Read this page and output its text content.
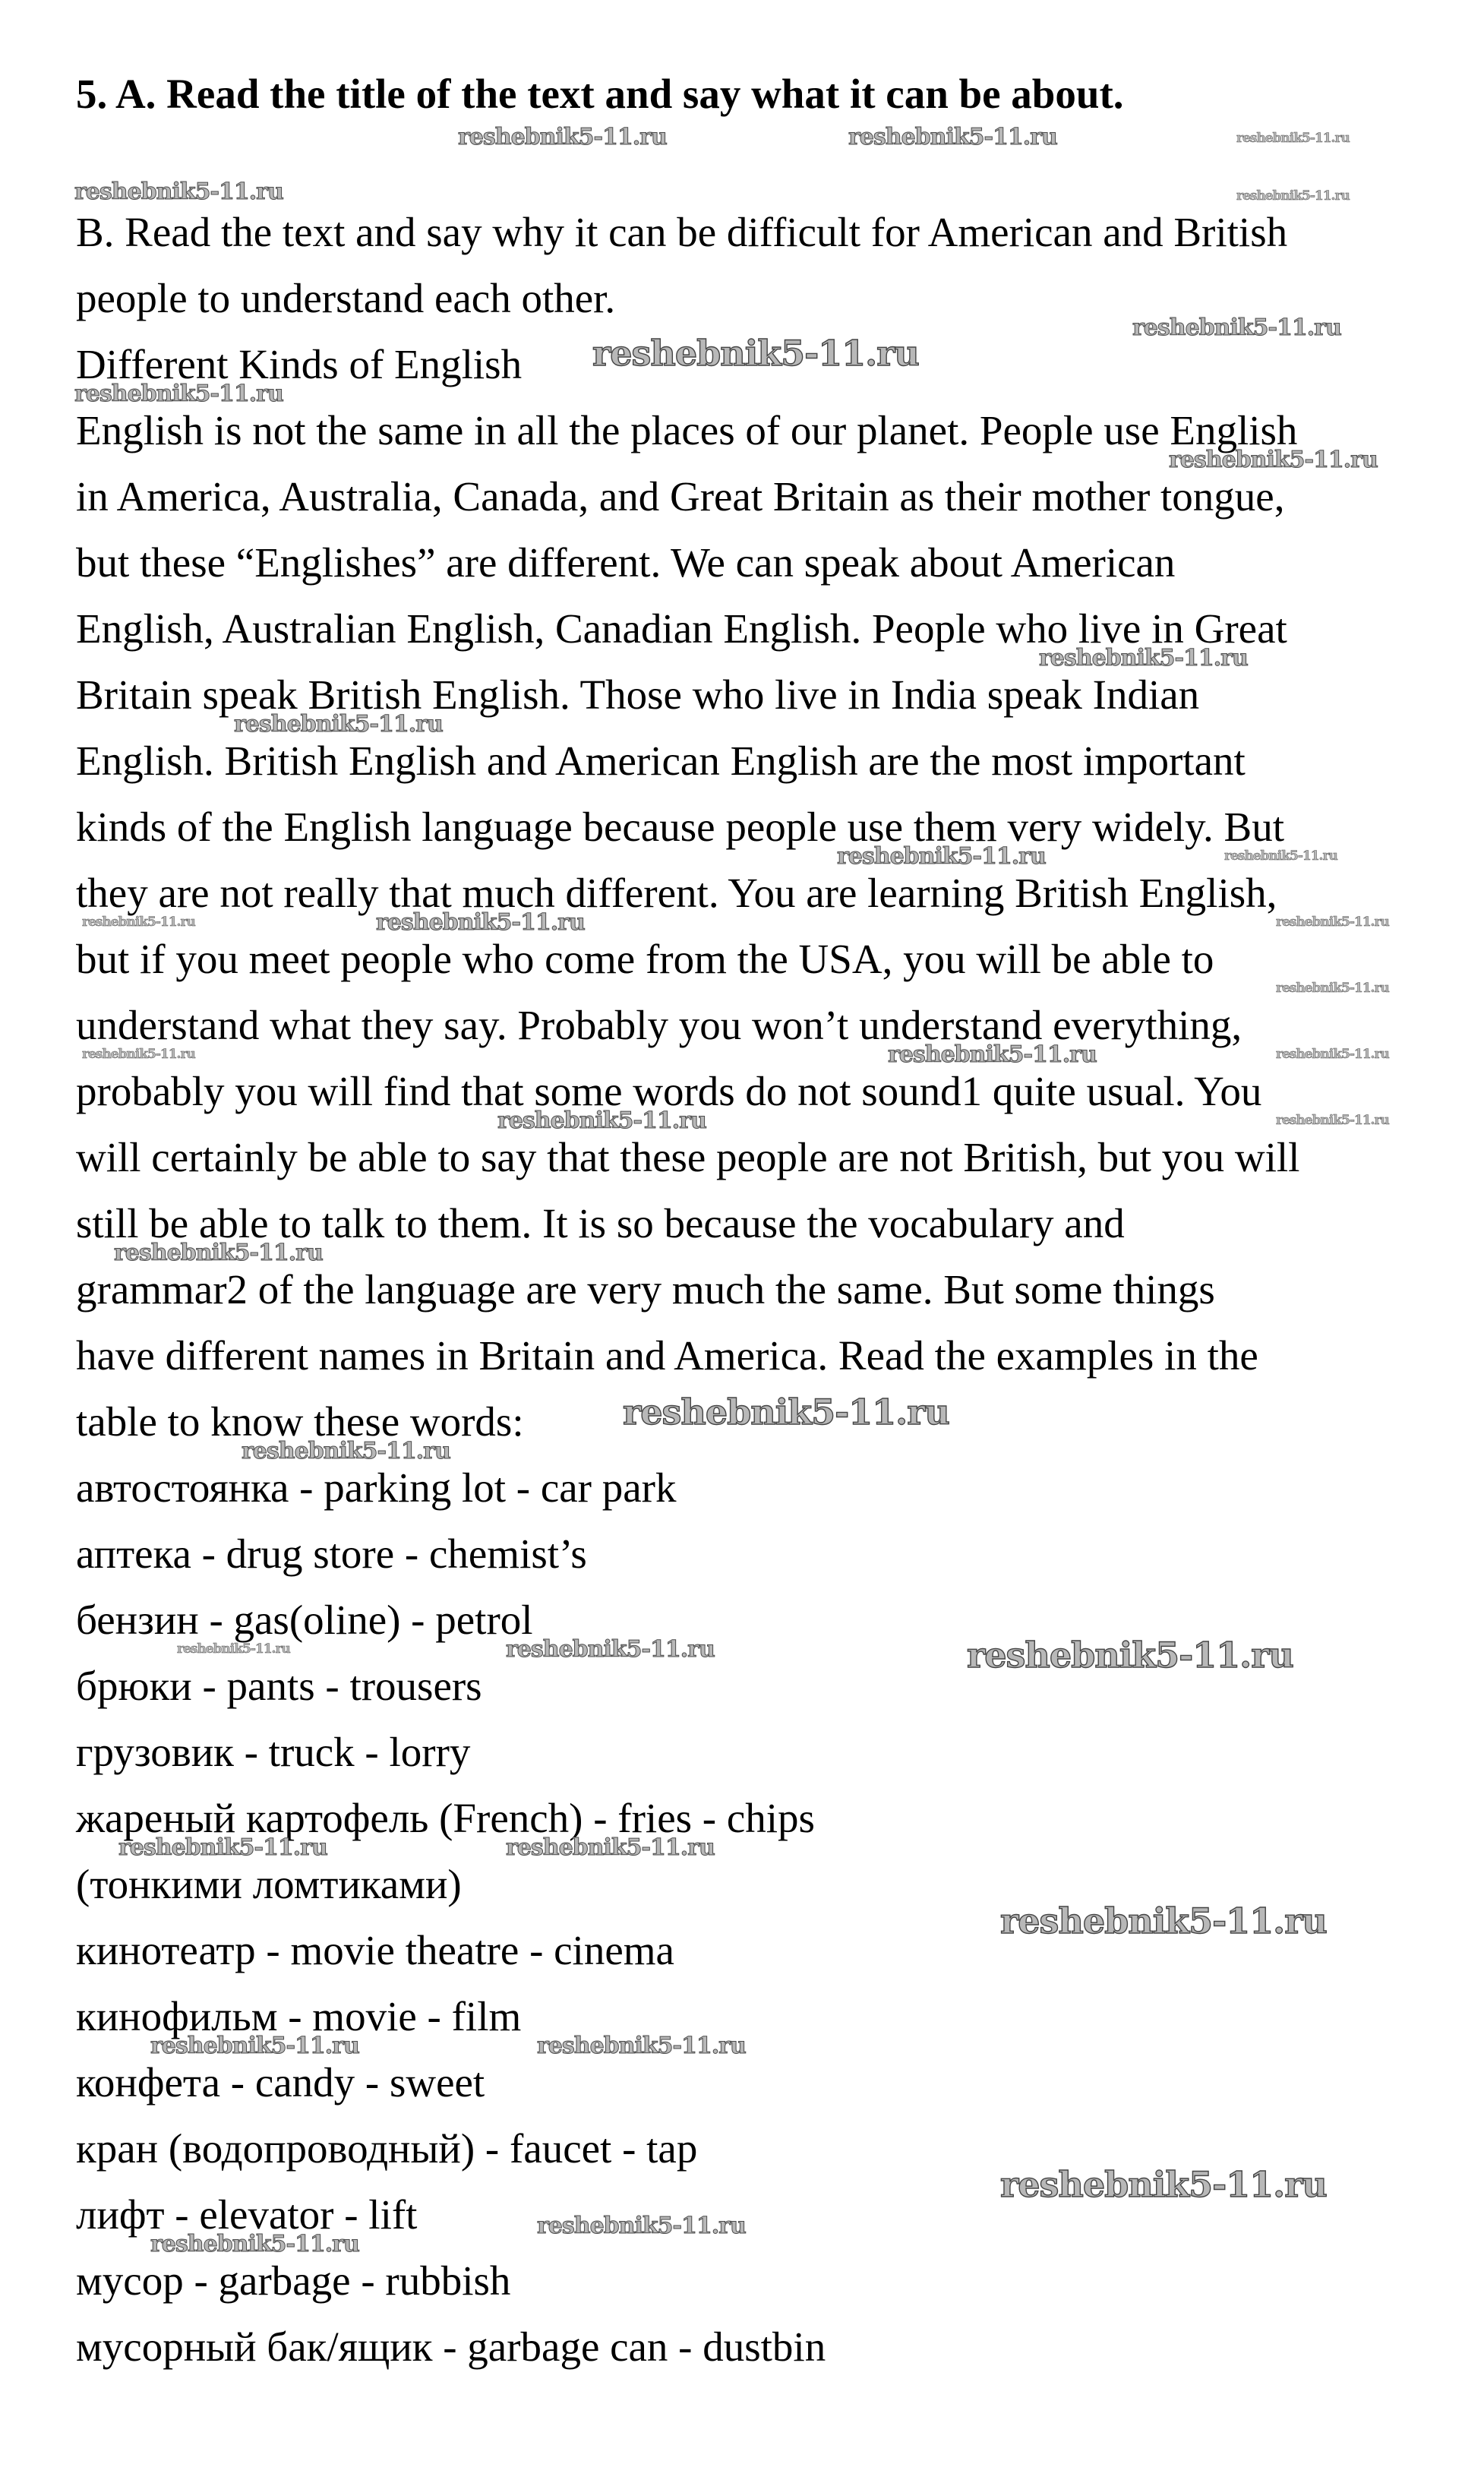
5. A. Read the title of the text and say what it can be about.
B. Read the text and say why it can be difficult for American and British
people to understand each other.
Different Kinds of English
English is not the same in all the places of our planet. People use English
in America, Australia, Canada, and Great Britain as their mother tongue,
but these “Englishes” are different. We can speak about American
English, Australian English, Canadian English. People who live in Great
Britain speak British English. Those who live in India speak Indian
English. British English and American English are the most important
kinds of the English language because people use them very widely. But
they are not really that much different. You are learning British English,
but if you meet people who come from the USA, you will be able to
understand what they say. Probably you won’t understand everything,
probably you will find that some words do not sound1 quite usual. You
will certainly be able to say that these people are not British, but you will
still be able to talk to them. It is so because the vocabulary and
grammar2 of the language are very much the same. But some things
have different names in Britain and America. Read the examples in the
table to know these words:
автостоянка - parking lot - car park
аптека - drug store - chemist’s
бензин - gas(oline) - petrol
брюки - pants - trousers
грузовик - truck - lorry
жареный картофель (French) - fries - chips
(тонкими ломтиками)
кинотеатр - movie theatre - cinema
кинофильм - movie - film
конфета - candy - sweet
кран (водопроводный) - faucet - tap
лифт - elevator - lift
мусор - garbage - rubbish
мусорный бак/ящик - garbage can - dustbin
reshebnik5-11.ru	reshebnik5-11.ru	reshebnik5-11.ru
reshebnik5-11.ru	reshebnik5-11.ru
reshebnik5-11.ru
reshebnik5-11.ru
reshebnik5-11.ru
reshebnik5-11.ru
reshebnik5-11.ru
reshebnik5-11.ru
reshebnik5-11.ru	reshebnik5-11.ru
reshebnik5-11.ru	reshebnik5-11.ru	reshebnik5-11.ru
reshebnik5-11.ru
reshebnik5-11.ru	reshebnik5-11.ru	reshebnik5-11.ru
reshebnik5-11.ru	reshebnik5-11.ru
reshebnik5-11.ru
reshebnik5-11.ru
reshebnik5-11.ru
reshebnik5-11.ru	reshebnik5-11.ru	reshebnik5-11.ru
reshebnik5-11.ru	reshebnik5-11.ru
reshebnik5-11.ru
reshebnik5-11.ru	reshebnik5-11.ru
reshebnik5-11.ru
reshebnik5-11.ru
reshebnik5-11.ru
